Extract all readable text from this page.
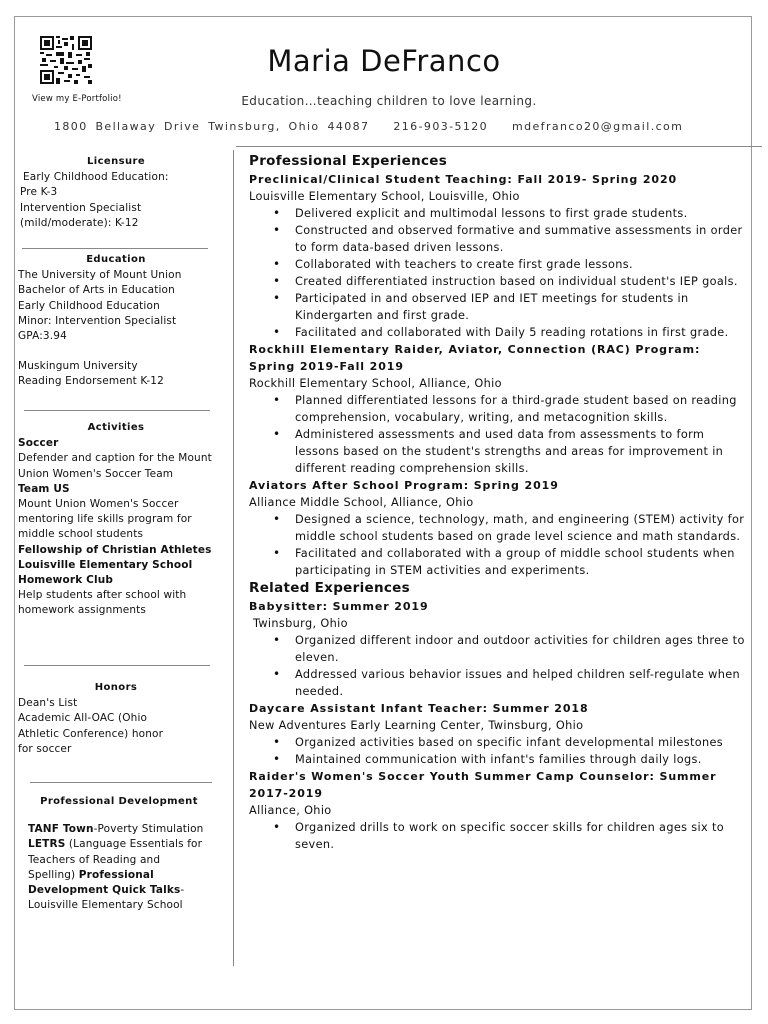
View my E-Portfolio!
Maria DeFranco
Education…teaching children to love learning.
1800 Bellaway Drive Twinsburg, Ohio 44087 216-903-5120 mdefranco20@gmail.com
Licensure
Early Childhood Education:
Pre K-3
Intervention Specialist
(mild/moderate): K-12
Education
The University of Mount Union
Bachelor of Arts in Education
Early Childhood Education
Minor: Intervention Specialist
GPA:3.94
Muskingum University
Reading Endorsement K-12
Activities
Soccer
Defender and caption for the Mount Union Women's Soccer Team
Team US
Mount Union Women's Soccer mentoring life skills program for middle school students
Fellowship of Christian Athletes
Louisville Elementary School Homework Club
Help students after school with homework assignments
Honors
Dean's List
Academic All-OAC (Ohio
Athletic Conference) honor
for soccer
Professional Development
TANF Town-Poverty Stimulation
LETRS (Language Essentials for Teachers of Reading and Spelling) Professional Development Quick Talks- Louisville Elementary School
Professional Experiences
Preclinical/Clinical Student Teaching: Fall 2019- Spring 2020
Louisville Elementary School, Louisville, Ohio
• Delivered explicit and multimodal lessons to first grade students.
• Constructed and observed formative and summative assessments in order to form data-based driven lessons.
• Collaborated with teachers to create first grade lessons.
• Created differentiated instruction based on individual student's IEP goals.
• Participated in and observed IEP and IET meetings for students in Kindergarten and first grade.
• Facilitated and collaborated with Daily 5 reading rotations in first grade.
Rockhill Elementary Raider, Aviator, Connection (RAC) Program: Spring 2019-Fall 2019
Rockhill Elementary School, Alliance, Ohio
• Planned differentiated lessons for a third-grade student based on reading comprehension, vocabulary, writing, and metacognition skills.
• Administered assessments and used data from assessments to form lessons based on the student's strengths and areas for improvement in different reading comprehension skills.
Aviators After School Program: Spring 2019
Alliance Middle School, Alliance, Ohio
• Designed a science, technology, math, and engineering (STEM) activity for middle school students based on grade level science and math standards.
• Facilitated and collaborated with a group of middle school students when participating in STEM activities and experiments.
Related Experiences
Babysitter: Summer 2019
Twinsburg, Ohio
• Organized different indoor and outdoor activities for children ages three to eleven.
• Addressed various behavior issues and helped children self-regulate when needed.
Daycare Assistant Infant Teacher: Summer 2018
New Adventures Early Learning Center, Twinsburg, Ohio
• Organized activities based on specific infant developmental milestones
• Maintained communication with infant's families through daily logs.
Raider's Women's Soccer Youth Summer Camp Counselor: Summer 2017-2019
Alliance, Ohio
• Organized drills to work on specific soccer skills for children ages six to seven.
